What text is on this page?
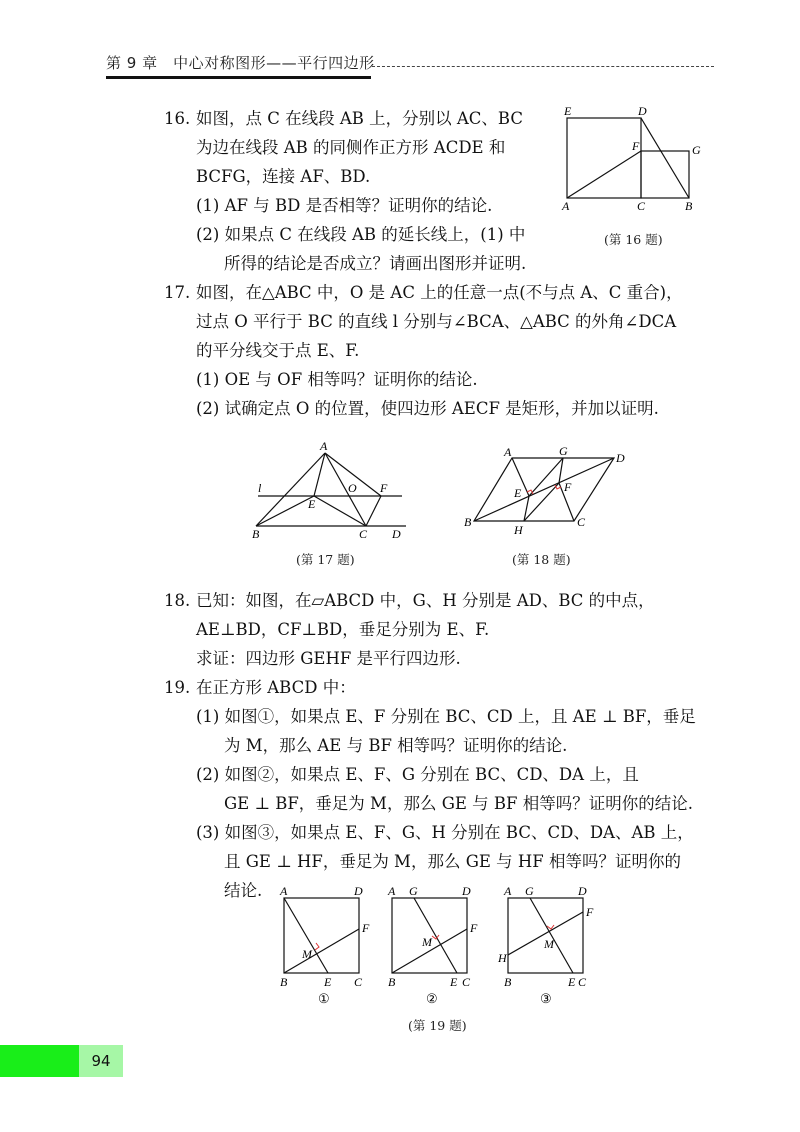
第 9 章　中心对称图形——平行四边形

16. 如图，点 C 在线段 AB 上，分别以 AC、BC

为边在线段 AB 的同侧作正方形 ACDE 和

BCFG，连接 AF、BD.

(1) AF 与 BD 是否相等？证明你的结论.

(2) 如果点 C 在线段 AB 的延长线上，(1) 中

所得的结论是否成立？请画出图形并证明.

17. 如图，在△ABC 中，O 是 AC 上的任意一点(不与点 A、C 重合)，

过点 O 平行于 BC 的直线 l 分别与∠BCA、△ABC 的外角∠DCA

的平分线交于点 E、F.

(1) OE 与 OF 相等吗？证明你的结论.

(2) 试确定点 O 的位置，使四边形 AECF 是矩形，并加以证明.

18. 已知：如图，在▱ABCD 中，G、H 分别是 AD、BC 的中点，

AE⊥BD，CF⊥BD，垂足分别为 E、F.

求证：四边形 GEHF 是平行四边形.

19. 在正方形 ABCD 中：

(1) 如图①，如果点 E、F 分别在 BC、CD 上，且 AE ⊥ BF，垂足

为 M，那么 AE 与 BF 相等吗？证明你的结论.

(2) 如图②，如果点 E、F、G 分别在 BC、CD、DA 上，且

GE ⊥ BF，垂足为 M，那么 GE 与 BF 相等吗？证明你的结论.

(3) 如图③，如果点 E、F、G、H 分别在 BC、CD、DA、AB 上，

且 GE ⊥ HF，垂足为 M，那么 GE 与 HF 相等吗？证明你的

结论.

E	D
F	G
A	C	B
(第 16 题)
A
l
E
O F
B	C D
(第 17 题)
A	G	D
E	F
B
H
C
(第 18 题)
A	D
F
M
B	E C
①
A G	D
F
M
B	E C
②
A G	D
F
H
M
B	E C
③
(第 19 题)
94
